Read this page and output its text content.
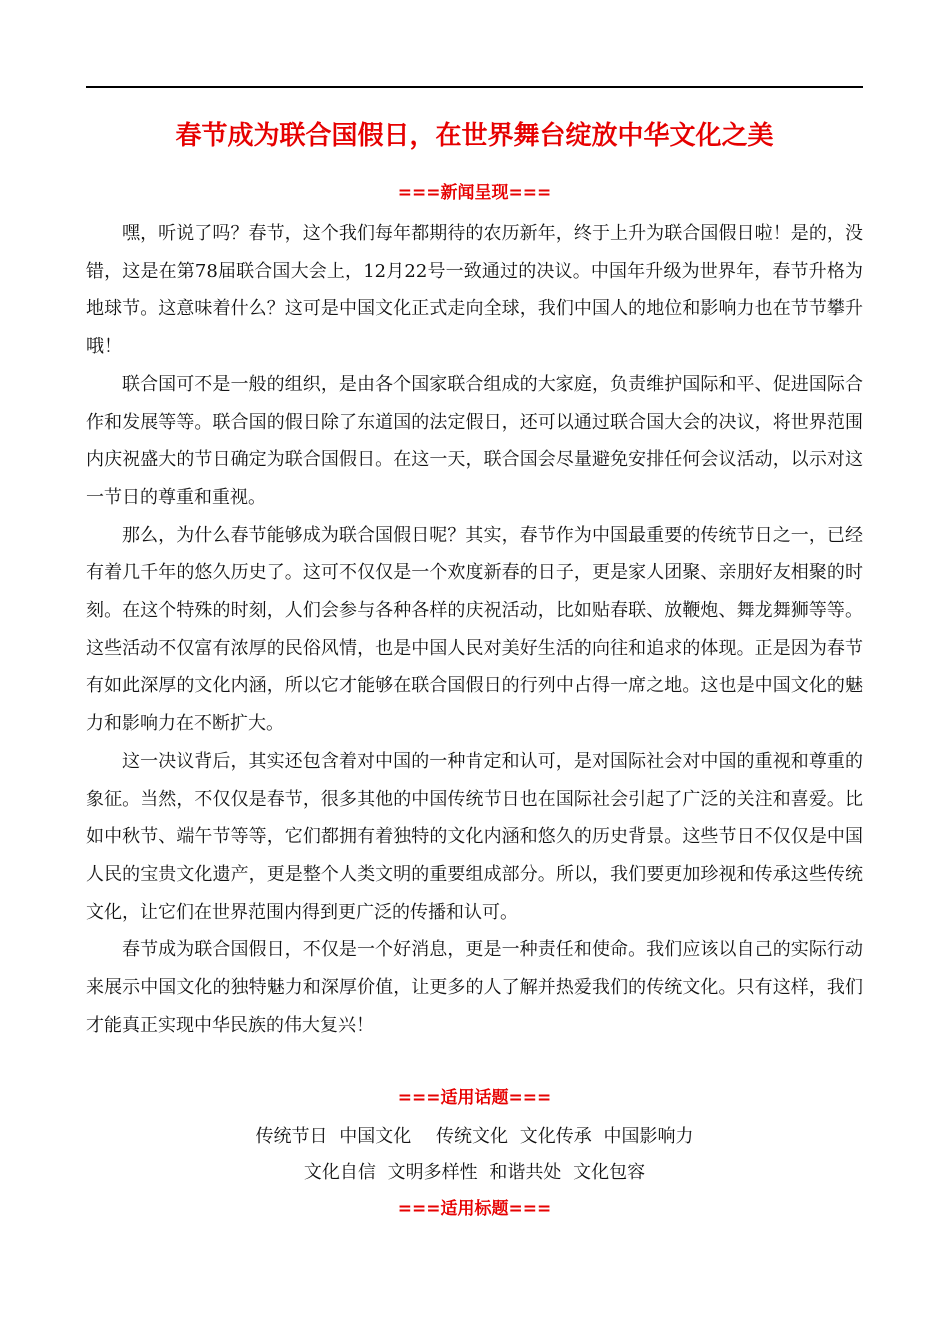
春节成为联合国假日，在世界舞台绽放中华文化之美
===新闻呈现===

嘿，听说了吗？春节，这个我们每年都期待的农历新年，终于上升为联合国假日啦！是的，没错，这是在第78届联合国大会上，12月22号一致通过的决议。中国年升级为世界年，春节升格为地球节。这意味着什么？这可是中国文化正式走向全球，我们中国人的地位和影响力也在节节攀升哦！

联合国可不是一般的组织，是由各个国家联合组成的大家庭，负责维护国际和平、促进国际合作和发展等等。联合国的假日除了东道国的法定假日，还可以通过联合国大会的决议，将世界范围内庆祝盛大的节日确定为联合国假日。在这一天，联合国会尽量避免安排任何会议活动，以示对这一节日的尊重和重视。

那么，为什么春节能够成为联合国假日呢？其实，春节作为中国最重要的传统节日之一，已经有着几千年的悠久历史了。这可不仅仅是一个欢度新春的日子，更是家人团聚、亲朋好友相聚的时刻。在这个特殊的时刻，人们会参与各种各样的庆祝活动，比如贴春联、放鞭炮、舞龙舞狮等等。这些活动不仅富有浓厚的民俗风情，也是中国人民对美好生活的向往和追求的体现。正是因为春节有如此深厚的文化内涵，所以它才能够在联合国假日的行列中占得一席之地。这也是中国文化的魅力和影响力在不断扩大。

这一决议背后，其实还包含着对中国的一种肯定和认可，是对国际社会对中国的重视和尊重的象征。当然，不仅仅是春节，很多其他的中国传统节日也在国际社会引起了广泛的关注和喜爱。比如中秋节、端午节等等，它们都拥有着独特的文化内涵和悠久的历史背景。这些节日不仅仅是中国人民的宝贵文化遗产，更是整个人类文明的重要组成部分。所以，我们要更加珍视和传承这些传统文化，让它们在世界范围内得到更广泛的传播和认可。

春节成为联合国假日，不仅是一个好消息，更是一种责任和使命。我们应该以自己的实际行动来展示中国文化的独特魅力和深厚价值，让更多的人了解并热爱我们的传统文化。只有这样，我们才能真正实现中华民族的伟大复兴！

===适用话题===
传统节日 中国文化 传统文化 文化传承 中国影响力
文化自信 文明多样性 和谐共处 文化包容
===适用标题===
